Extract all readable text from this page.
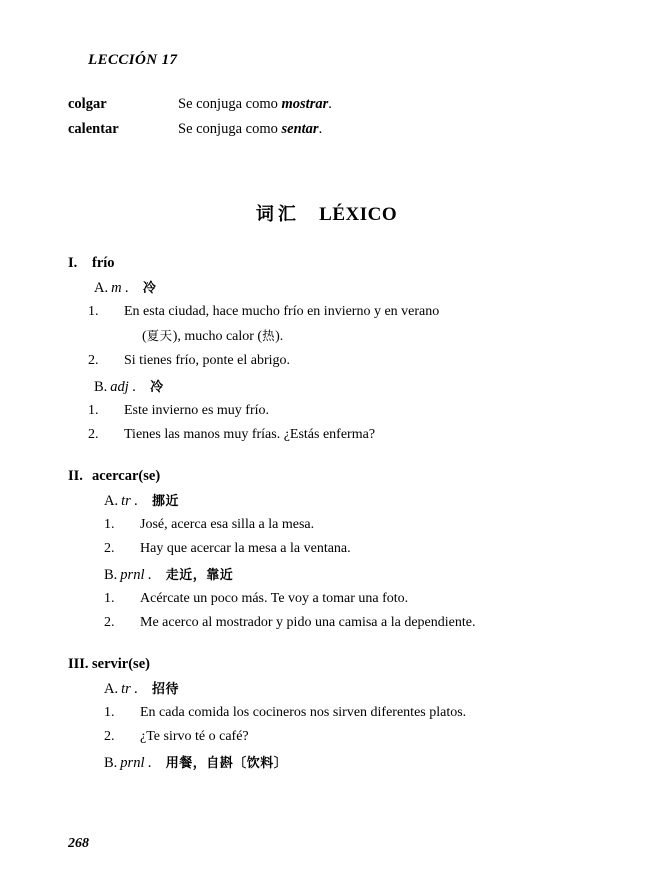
LECCIÓN 17
colgar	Se conjuga como mostrar.
calentar	Se conjuga como sentar.
词汇 LÉXICO
I. frío
A. m . 冷
1. En esta ciudad, hace mucho frío en invierno y en verano
(夏天), mucho calor (热).
2. Si tienes frío, ponte el abrigo.
B. adj . 冷
1. Este invierno es muy frío.
2. Tienes las manos muy frías. ¿Estás enferma?
II. acercar(se)
A. tr . 挪近
1. José, acerca esa silla a la mesa.
2. Hay que acercar la mesa a la ventana.
B. prnl . 走近，靠近
1. Acércate un poco más. Te voy a tomar una foto.
2. Me acerco al mostrador y pido una camisa a la dependiente.
III. servir(se)
A. tr . 招待
1. En cada comida los cocineros nos sirven diferentes platos.
2. ¿Te sirvo té o café?
B. prnl . 用餐，自斟〔饮料〕
268
